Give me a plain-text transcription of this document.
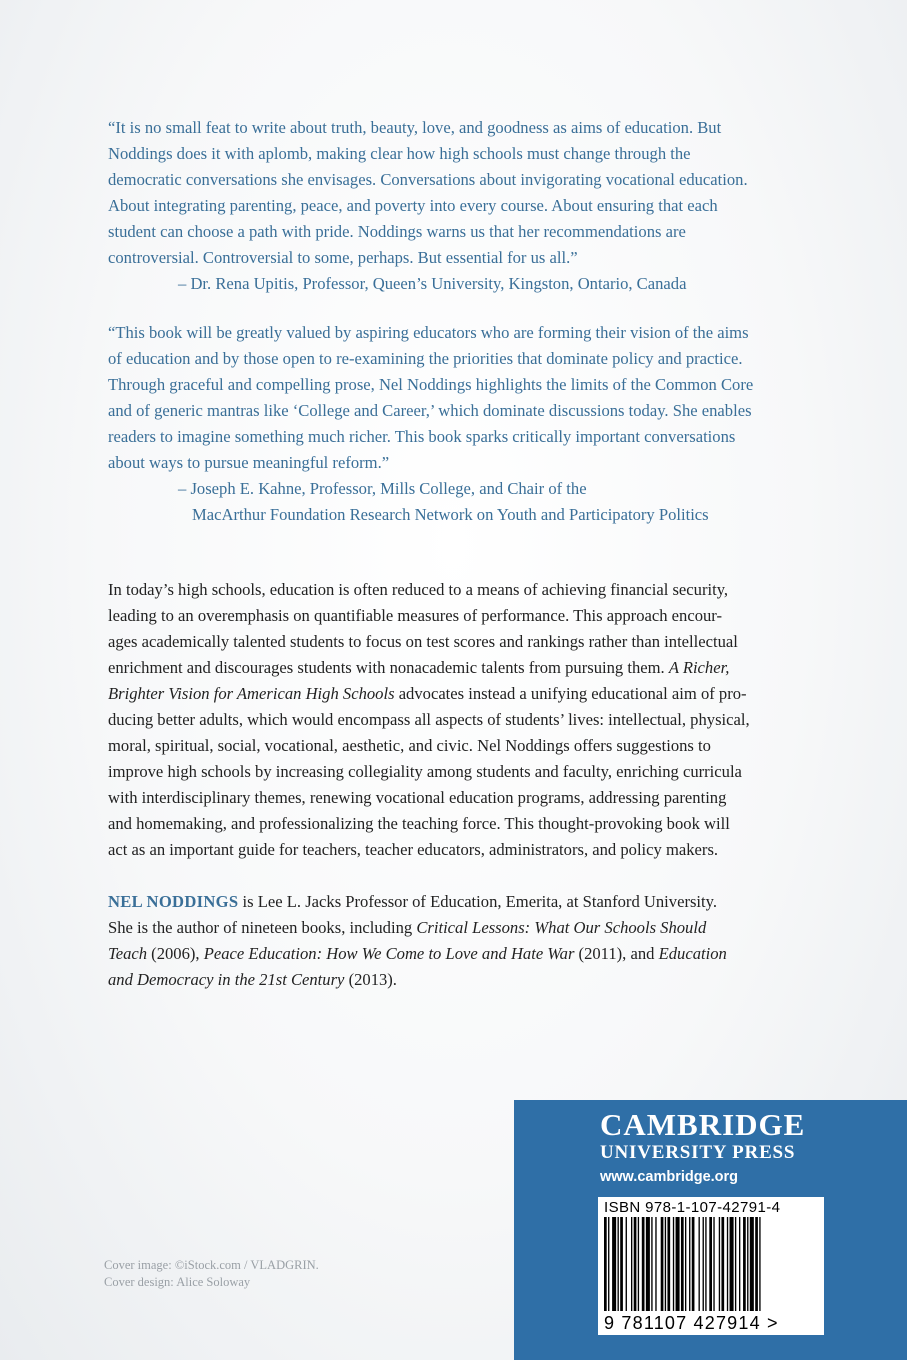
“It is no small feat to write about truth, beauty, love, and goodness as aims of education. But

Noddings does it with aplomb, making clear how high schools must change through the

democratic conversations she envisages. Conversations about invigorating vocational education.

About integrating parenting, peace, and poverty into every course. About ensuring that each

student can choose a path with pride. Noddings warns us that her recommendations are

controversial. Controversial to some, perhaps. But essential for us all.”

– Dr. Rena Upitis, Professor, Queen’s University, Kingston, Ontario, Canada

“This book will be greatly valued by aspiring educators who are forming their vision of the aims

of education and by those open to re-examining the priorities that dominate policy and practice.

Through graceful and compelling prose, Nel Noddings highlights the limits of the Common Core

and of generic mantras like ‘College and Career,’ which dominate discussions today. She enables

readers to imagine something much richer. This book sparks critically important conversations

about ways to pursue meaningful reform.”

– Joseph E. Kahne, Professor, Mills College, and Chair of the

MacArthur Foundation Research Network on Youth and Participatory Politics

In today’s high schools, education is often reduced to a means of achieving financial security,
leading to an overemphasis on quantifiable measures of performance. This approach encour-
ages academically talented students to focus on test scores and rankings rather than intellectual
enrichment and discourages students with nonacademic talents from pursuing them. A Richer,
Brighter Vision for American High Schools advocates instead a unifying educational aim of pro-
ducing better adults, which would encompass all aspects of students’ lives: intellectual, physical,
moral, spiritual, social, vocational, aesthetic, and civic. Nel Noddings offers suggestions to
improve high schools by increasing collegiality among students and faculty, enriching curricula
with interdisciplinary themes, renewing vocational education programs, addressing parenting
and homemaking, and professionalizing the teaching force. This thought-provoking book will
act as an important guide for teachers, teacher educators, administrators, and policy makers.
NEL NODDINGS is Lee L. Jacks Professor of Education, Emerita, at Stanford University.
She is the author of nineteen books, including Critical Lessons: What Our Schools Should
Teach (2006), Peace Education: How We Come to Love and Hate War (2011), and Education
and Democracy in the 21st Century (2013).
Cover image: ©iStock.com / VLADGRIN.
Cover design: Alice Soloway
CAMBRIDGE
UNIVERSITY PRESS
www.cambridge.org
ISBN 978-1-107-42791-4
9 781107 427914 >
